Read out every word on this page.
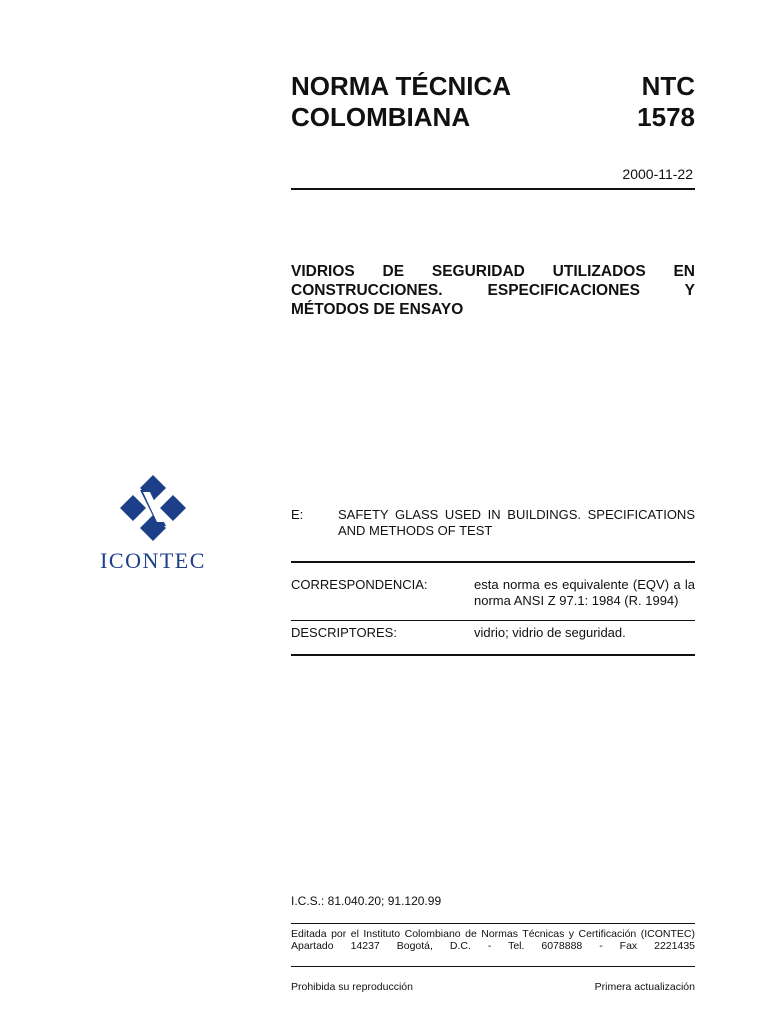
NORMA TÉCNICA
COLOMBIANA
NTC
1578
2000-11-22
VIDRIOS DE SEGURIDAD UTILIZADOS EN CONSTRUCCIONES. ESPECIFICACIONES Y MÉTODOS DE ENSAYO
ICONTEC
E:	SAFETY GLASS USED IN BUILDINGS. SPECIFICATIONS AND METHODS OF TEST
CORRESPONDENCIA:	esta norma es equivalente (EQV) a la norma ANSI Z 97.1: 1984 (R. 1994)
DESCRIPTORES:	vidrio; vidrio de seguridad.
I.C.S.: 81.040.20; 91.120.99
Editada por el Instituto Colombiano de Normas Técnicas y Certificación (ICONTEC)
Apartado 14237 Bogotá, D.C. - Tel. 6078888 - Fax 2221435
Prohibida su reproducción	Primera actualización
